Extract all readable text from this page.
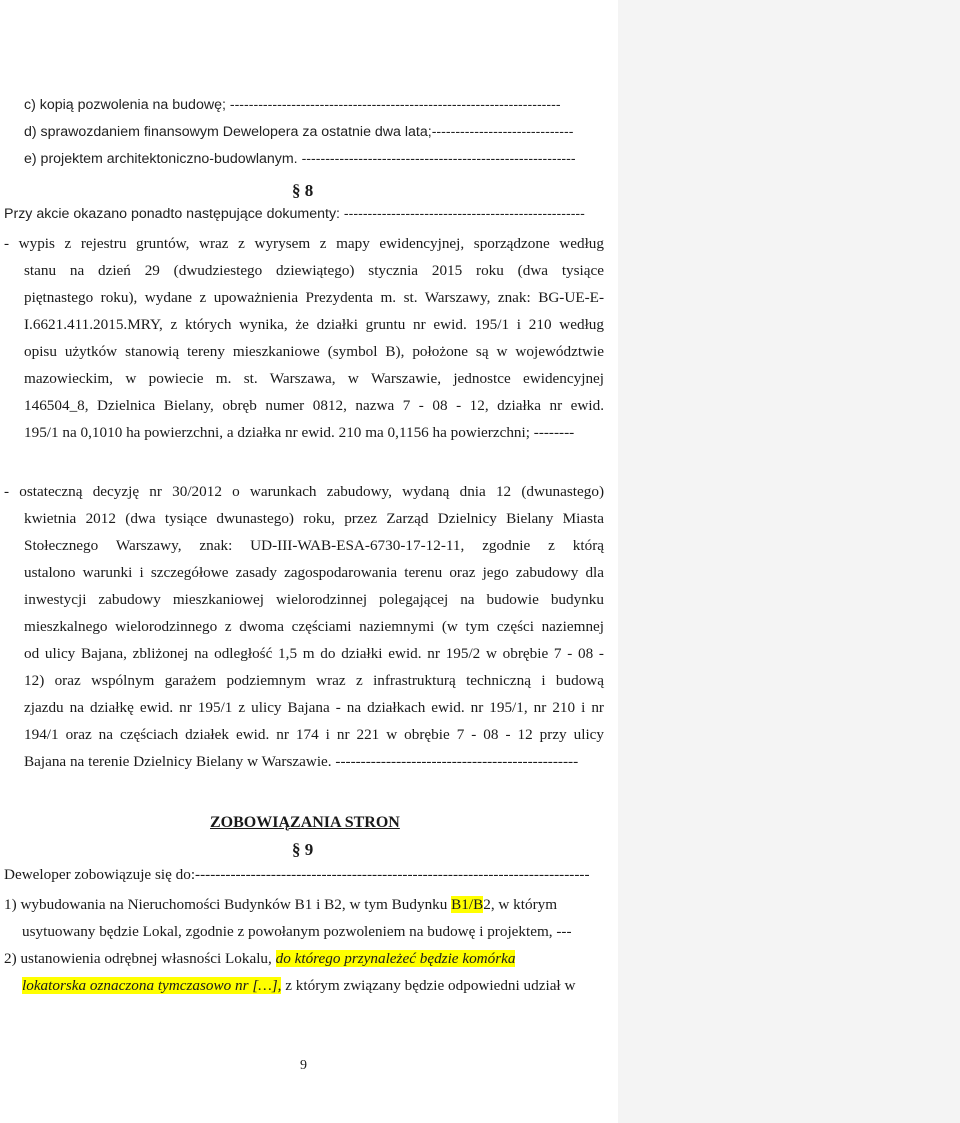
c) kopią pozwolenia na budowę; ----------------------------------------------------------------------
d) sprawozdaniem finansowym Dewelopera za ostatnie dwa lata;------------------------------
e) projektem architektoniczno-budowlanym. ----------------------------------------------------------
§ 8
Przy akcie okazano ponadto następujące dokumenty: ---------------------------------------------------
- wypis z rejestru gruntów, wraz z wyrysem z mapy ewidencyjnej, sporządzone według
stanu na dzień 29 (dwudziestego dziewiątego) stycznia 2015 roku (dwa tysiące
piętnastego roku), wydane z upoważnienia Prezydenta m. st. Warszawy, znak: BG-UE-E-
I.6621.411.2015.MRY, z których wynika, że działki gruntu nr ewid. 195/1 i 210 według
opisu użytków stanowią tereny mieszkaniowe (symbol B), położone są w województwie
mazowieckim, w powiecie m. st. Warszawa, w Warszawie, jednostce ewidencyjnej
146504_8, Dzielnica Bielany, obręb numer 0812, nazwa 7 - 08 - 12, działka nr ewid.
195/1 na 0,1010 ha powierzchni, a działka nr ewid. 210 ma 0,1156 ha powierzchni; --------
- ostateczną decyzję nr 30/2012 o warunkach zabudowy, wydaną dnia 12 (dwunastego)
kwietnia 2012 (dwa tysiące dwunastego) roku, przez Zarząd Dzielnicy Bielany Miasta
Stołecznego Warszawy, znak: UD-III-WAB-ESA-6730-17-12-11, zgodnie z którą
ustalono warunki i szczegółowe zasady zagospodarowania terenu oraz jego zabudowy dla
inwestycji zabudowy mieszkaniowej wielorodzinnej polegającej na budowie budynku
mieszkalnego wielorodzinnego z dwoma częściami naziemnymi (w tym części naziemnej
od ulicy Bajana, zbliżonej na odległość 1,5 m do działki ewid. nr 195/2 w obrębie 7 - 08 -
12) oraz wspólnym garażem podziemnym wraz z infrastrukturą techniczną i budową
zjazdu na działkę ewid. nr 195/1 z ulicy Bajana - na działkach ewid. nr 195/1, nr 210 i nr
194/1 oraz na częściach działek ewid. nr 174 i nr 221 w obrębie 7 - 08 - 12 przy ulicy
Bajana na terenie Dzielnicy Bielany w Warszawie. ------------------------------------------------
ZOBOWIĄZANIA STRON
§ 9
Deweloper zobowiązuje się do:------------------------------------------------------------------------------
1) wybudowania na Nieruchomości Budynków B1 i B2, w tym Budynku B1/B2, w którym
usytuowany będzie Lokal, zgodnie z powołanym pozwoleniem na budowę i projektem, ---
2) ustanowienia odrębnej własności Lokalu, do którego przynależeć będzie komórka
lokatorska oznaczona tymczasowo nr […], z którym związany będzie odpowiedni udział w
9
